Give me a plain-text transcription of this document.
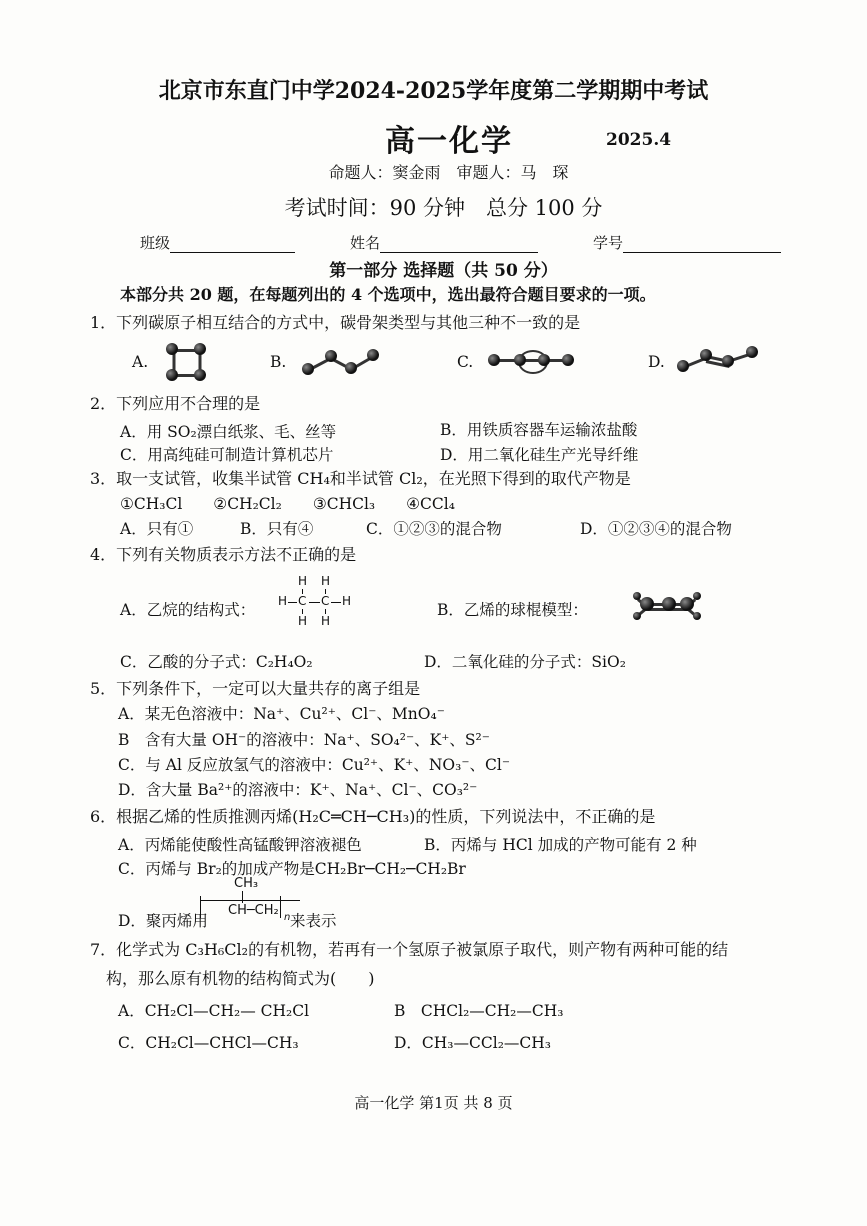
北京市东直门中学2024-2025学年度第二学期期中考试
高一化学	2025.4
命题人：窦金雨　审题人：马　琛
考试时间：90 分钟　总分 100 分
班级	姓名	学号
第一部分 选择题（共 50 分）
本部分共 20 题，在每题列出的 4 个选项中，选出最符合题目要求的一项。
1．下列碳原子相互结合的方式中，碳骨架类型与其他三种不一致的是
A.	B.	C.	D.
2．下列应用不合理的是
A．用 SO₂漂白纸浆、毛、丝等	B．用铁质容器车运输浓盐酸
C．用高纯硅可制造计算机芯片	D．用二氧化硅生产光导纤维
3．取一支试管，收集半试管 CH₄和半试管 Cl₂，在光照下得到的取代产物是
①CH₃Cl　　②CH₂Cl₂　　③CHCl₃　　④CCl₄
A．只有①	B．只有④	C．①②③的混合物	D．①②③④的混合物
4．下列有关物质表示方法不正确的是
A．乙烷的结构式：
H H
H C C H
H H
B．乙烯的球棍模型：
C．乙酸的分子式：C₂H₄O₂	D．二氧化硅的分子式：SiO₂
5．下列条件下，一定可以大量共存的离子组是
A．某无色溶液中：Na⁺、Cu²⁺、Cl⁻、MnO₄⁻
B　含有大量 OH⁻的溶液中：Na⁺、SO₄²⁻、K⁺、S²⁻
C．与 Al 反应放氢气的溶液中：Cu²⁺、K⁺、NO₃⁻、Cl⁻
D．含大量 Ba²⁺的溶液中：K⁺、Na⁺、Cl⁻、CO₃²⁻
6．根据乙烯的性质推测丙烯(H₂C═CH─CH₃)的性质，下列说法中，不正确的是
A．丙烯能使酸性高锰酸钾溶液褪色	B．丙烯与 HCl 加成的产物可能有 2 种
C．丙烯与 Br₂的加成产物是CH₂Br─CH₂─CH₂Br
D．聚丙烯用
CH₃
CH─CH₂ n 来表示
7．化学式为 C₃H₆Cl₂的有机物，若再有一个氢原子被氯原子取代，则产物有两种可能的结
构，那么原有机物的结构简式为(　　)
A．CH₂Cl—CH₂— CH₂Cl	B　CHCl₂—CH₂—CH₃
C．CH₂Cl—CHCl—CH₃	D．CH₃—CCl₂—CH₃
高一化学 第1页 共 8 页
